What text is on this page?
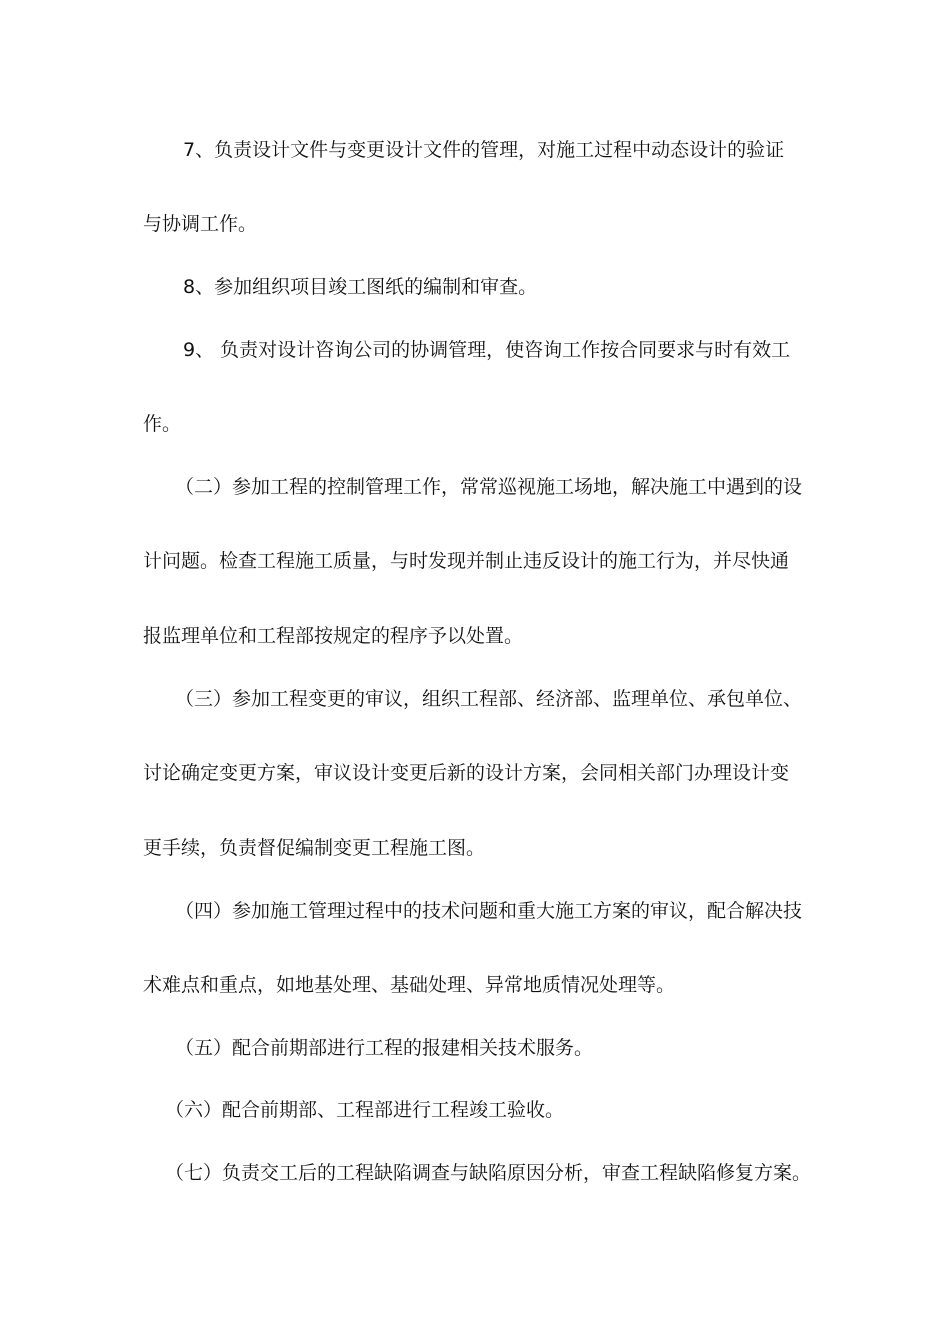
7、负责设计文件与变更设计文件的管理，对施工过程中动态设计的验证
与协调工作。
8、参加组织项目竣工图纸的编制和审查。
9、 负责对设计咨询公司的协调管理，使咨询工作按合同要求与时有效工
作。
（二）参加工程的控制管理工作，常常巡视施工场地，解决施工中遇到的设
计问题。检查工程施工质量，与时发现并制止违反设计的施工行为，并尽快通
报监理单位和工程部按规定的程序予以处置。
（三）参加工程变更的审议，组织工程部、经济部、监理单位、承包单位、
讨论确定变更方案，审议设计变更后新的设计方案，会同相关部门办理设计变
更手续，负责督促编制变更工程施工图。
（四）参加施工管理过程中的技术问题和重大施工方案的审议，配合解决技
术难点和重点，如地基处理、基础处理、异常地质情况处理等。
（五）配合前期部进行工程的报建相关技术服务。
（六）配合前期部、工程部进行工程竣工验收。
（七）负责交工后的工程缺陷调查与缺陷原因分析，审查工程缺陷修复方案。
